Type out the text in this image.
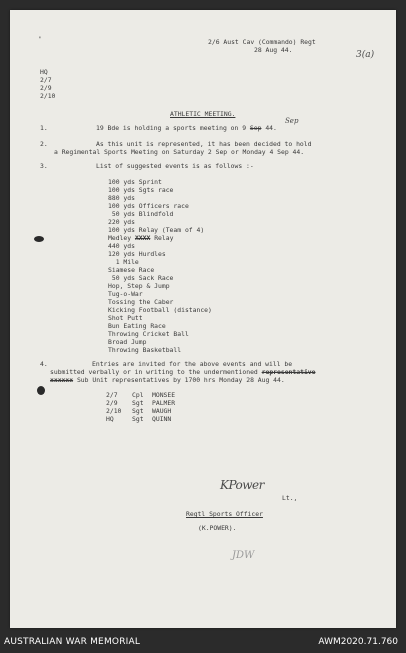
2/6 Aust Cav (Commando) Regt
28 Aug 44.	3(a)
'
HQ
2/7
2/9
2/10
ATHLETIC MEETING.
1.	19 Bde is holding a sports meeting on 9 Sep 44.
Sep
2.	As this unit is represented, it has been decided to hold
a Regimental Sports Meeting on Saturday 2 Sep or Monday 4 Sep 44.
3.	List of suggested events is as follows :-
100 yds Sprint
100 yds Sgts race
880 yds
100 yds Officers race
50 yds Blindfold
220 yds
100 yds Relay (Team of 4)
Medley XXXX Relay
440 yds
120 yds Hurdles
1 Mile
Siamese Race
50 yds Sack Race
Hop, Step & Jump
Tug-o-War
Tossing the Caber
Kicking Football (distance)
Shot Putt
Bun Eating Race
Throwing Cricket Ball
Broad Jump
Throwing Basketball
4.	Entries are invited for the above events and will be
submitted verbally or in writing to the undermentioned representative
xxxxxx Sub Unit representatives by 1700 hrs Monday 28 Aug 44.
2/7 Cpl MONSEE
2/9 Sgt PALMER
2/10 Sgt WAUGH
HQ	Sgt QUINN
KPower
Lt.,
Regtl Sports Officer
(K.POWER).
JDW
AUSTRALIAN WAR MEMORIAL	AWM2020.71.760
